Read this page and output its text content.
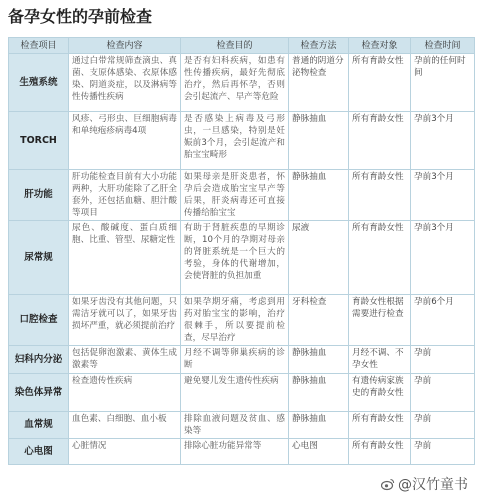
备孕女性的孕前检查
检查项目	检查内容	检查目的	检查方法	检查对象	检查时间
生殖系统	通过白带常规筛查滴虫、真菌、支原体感染、衣原体感染、阴道炎症，以及淋病等性传播性疾病	是否有妇科疾病，如患有性传播疾病，最好先彻底治疗，然后再怀孕，否则会引起流产、早产等危险	普通的阴道分泌物检查	所有育龄女性	孕前的任何时间
TORCH	风疹、弓形虫、巨细胞病毒和单纯疱疹病毒4项	是否感染上病毒及弓形虫，一旦感染，特别是妊娠前3个月，会引起流产和胎宝宝畸形	静脉抽血	所有育龄女性	孕前3个月
肝功能	肝功能检查目前有大小功能两种，大肝功能除了乙肝全套外，还包括血糖、胆汁酸等项目	如果母亲是肝炎患者，怀孕后会造成胎宝宝早产等后果，肝炎病毒还可直接传播给胎宝宝	静脉抽血	所有育龄女性	孕前3个月
尿常规	尿色、酸碱度、蛋白质细胞、比重、管型、尿糖定性	有助于肾脏疾患的早期诊断，10个月的孕期对母亲的肾脏系统是一个巨大的考验，身体的代谢增加，会使肾脏的负担加重	尿液	所有育龄女性	孕前3个月
口腔检查	如果牙齿没有其他问题，只需洁牙就可以了，如果牙齿损坏严重，就必须提前治疗	如果孕期牙痛，考虑到用药对胎宝宝的影响，治疗很棘手，所以要提前检查，尽早治疗	牙科检查	育龄女性根据需要进行检查	孕前6个月
妇科内分泌	包括促卵泡激素、黄体生成激素等	月经不调等卵巢疾病的诊断	静脉抽血	月经不调、不孕女性	孕前
染色体异常	检查遗传性疾病	避免婴儿发生遗传性疾病	静脉抽血	有遗传病家族史的育龄女性	孕前
血常规	血色素、白细胞、血小板	排除血液问题及贫血、感染等	静脉抽血	所有育龄女性	孕前
心电图	心脏情况	排除心脏功能异常等	心电图	所有育龄女性	孕前
@汉竹童书
